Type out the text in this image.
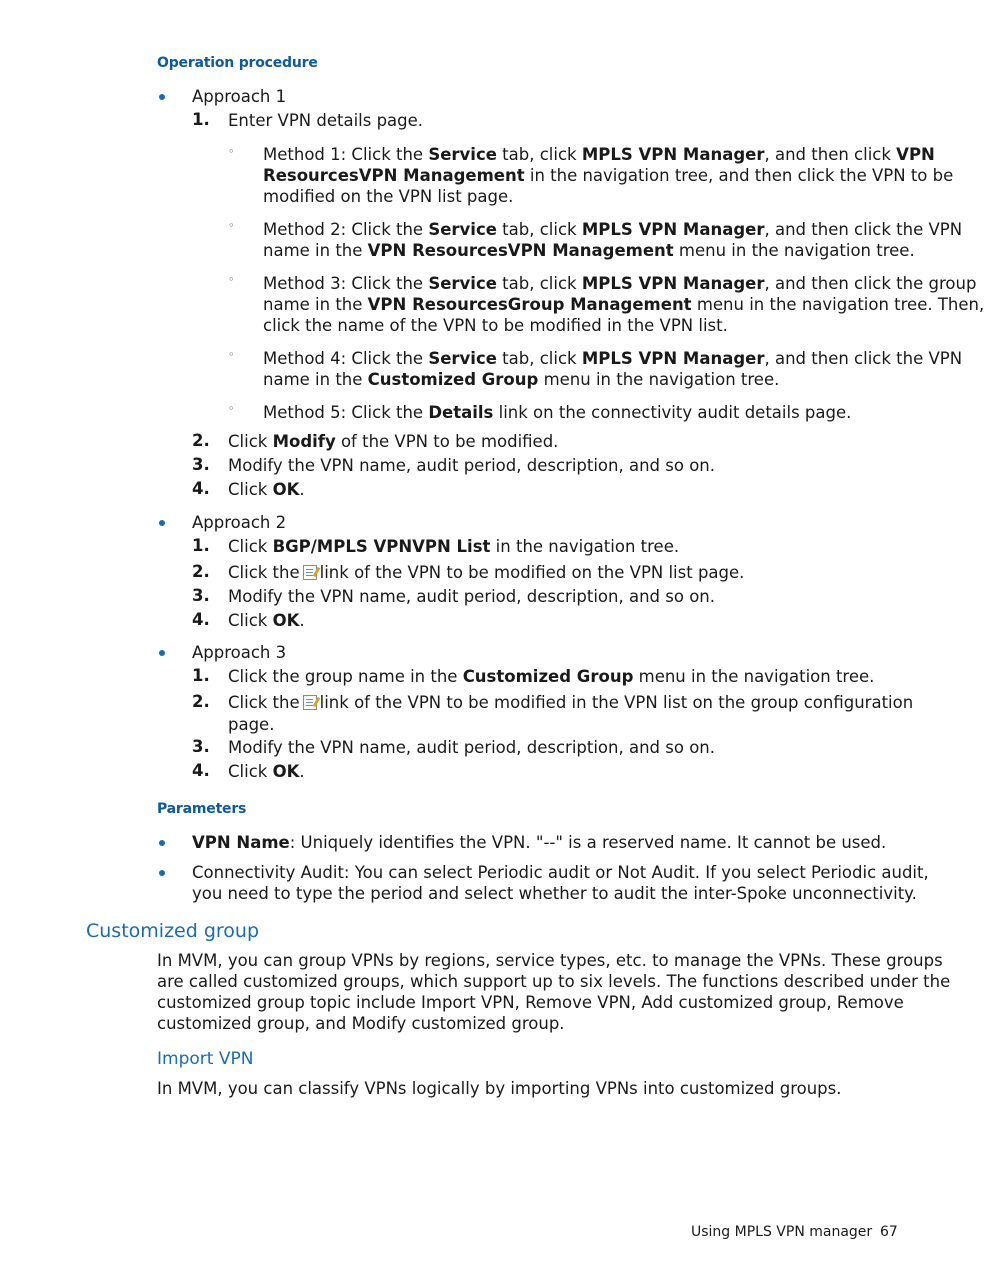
Operation procedure
Approach 1
1. Enter VPN details page.
◦ Method 1: Click the Service tab, click MPLS VPN Manager, and then click VPN
ResourcesVPN Management in the navigation tree, and then click the VPN to be
modified on the VPN list page.
◦ Method 2: Click the Service tab, click MPLS VPN Manager, and then click the VPN
name in the VPN ResourcesVPN Management menu in the navigation tree.
◦ Method 3: Click the Service tab, click MPLS VPN Manager, and then click the group
name in the VPN ResourcesGroup Management menu in the navigation tree. Then,
click the name of the VPN to be modified in the VPN list.
◦ Method 4: Click the Service tab, click MPLS VPN Manager, and then click the VPN
name in the Customized Group menu in the navigation tree.
◦ Method 5: Click the Details link on the connectivity audit details page.
2. Click Modify of the VPN to be modified.
3. Modify the VPN name, audit period, description, and so on.
4. Click OK.
Approach 2
1. Click BGP/MPLS VPNVPN List in the navigation tree.
2. Click the link of the VPN to be modified on the VPN list page.
3. Modify the VPN name, audit period, description, and so on.
4. Click OK.
Approach 3
1. Click the group name in the Customized Group menu in the navigation tree.
2. Click the link of the VPN to be modified in the VPN list on the group configuration
page.
3. Modify the VPN name, audit period, description, and so on.
4. Click OK.
Parameters
VPN Name: Uniquely identifies the VPN. "--" is a reserved name. It cannot be used.
Connectivity Audit: You can select Periodic audit or Not Audit. If you select Periodic audit,
you need to type the period and select whether to audit the inter-Spoke unconnectivity.
Customized group
In MVM, you can group VPNs by regions, service types, etc. to manage the VPNs. These groups
are called customized groups, which support up to six levels. The functions described under the
customized group topic include Import VPN, Remove VPN, Add customized group, Remove
customized group, and Modify customized group.
Import VPN
In MVM, you can classify VPNs logically by importing VPNs into customized groups.
Using MPLS VPN manager 67
